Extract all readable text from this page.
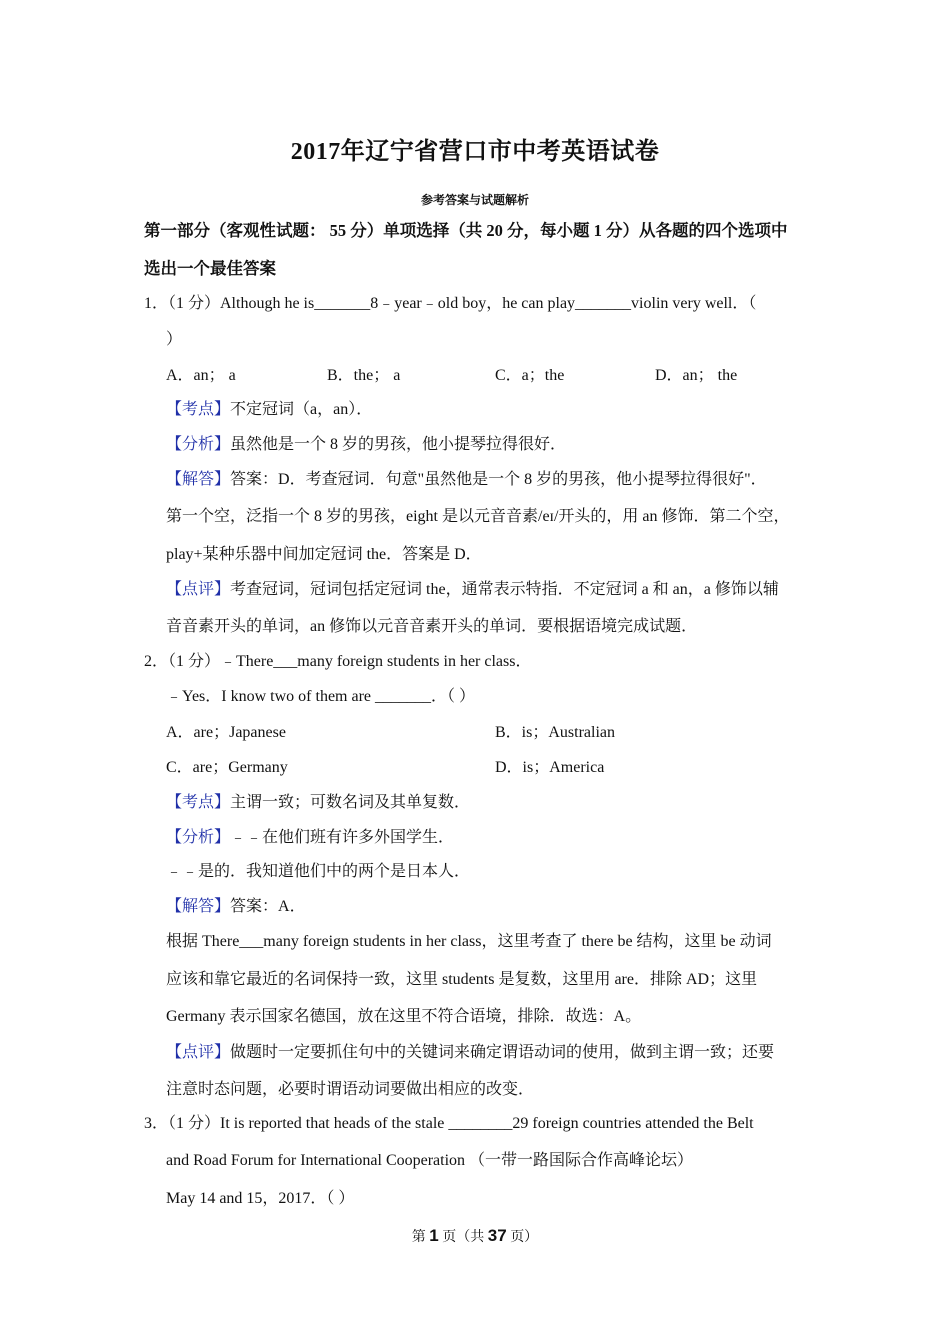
2017年辽宁省营口市中考英语试卷
参考答案与试题解析
第一部分（客观性试题： 55 分）单项选择（共 20 分，每小题 1 分）从各题的四个选项中
选出一个最佳答案
1．（1 分）Although he is_______8﹣year﹣old boy，he can play_______violin very well．（
）
A．an； a	B．the； a	C．a；the	D．an； the
【考点】不定冠词（a，an）．
【分析】虽然他是一个 8 岁的男孩，他小提琴拉得很好．
【解答】答案：D．考查冠词．句意"虽然他是一个 8 岁的男孩，他小提琴拉得很好"．
第一个空，泛指一个 8 岁的男孩，eight 是以元音音素/eɪ/开头的，用 an 修饰．第二个空，
play+某种乐器中间加定冠词 the．答案是 D．
【点评】考查冠词，冠词包括定冠词 the，通常表示特指．不定冠词 a 和 an，a 修饰以辅
音音素开头的单词，an 修饰以元音音素开头的单词．要根据语境完成试题．
2．（1 分）﹣There___many foreign students in her class．
﹣Yes．I know two of them are _______．（ ）
A．are；Japanese	B．is；Australian
C．are；Germany	D．is；America
【考点】主谓一致；可数名词及其单复数．
【分析】﹣﹣在他们班有许多外国学生．
﹣﹣是的．我知道他们中的两个是日本人．
【解答】答案：A．
根据 There___many foreign students in her class，这里考查了 there be 结构，这里 be 动词
应该和靠它最近的名词保持一致，这里 students 是复数，这里用 are．排除 AD；这里
Germany 表示国家名德国，放在这里不符合语境，排除．故选：A。
【点评】做题时一定要抓住句中的关键词来确定谓语动词的使用，做到主谓一致；还要
注意时态问题，必要时谓语动词要做出相应的改变．
3．（1 分）It is reported that heads of the stale ________29 foreign countries attended the Belt
and Road Forum for International Cooperation （一带一路国际合作高峰论坛）
May 14 and 15，2017．（ ）
第 1 页（共 37 页）
